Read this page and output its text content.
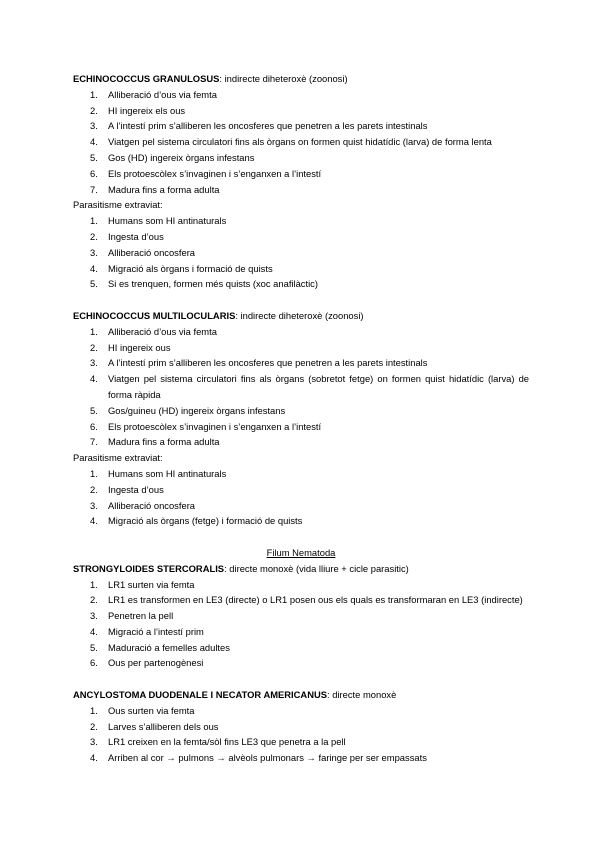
ECHINOCOCCUS GRANULOSUS: indirecte diheteroxè (zoonosi)

1. Alliberació d’ous via femta
2. HI ingereix els ous
3. A l’intestí prim s’alliberen les oncosferes que penetren a les parets intestinals
4. Viatgen pel sistema circulatori fins als òrgans on formen quist hidatídic (larva) de forma lenta
5. Gos (HD) ingereix òrgans infestans
6. Els protoescòlex s’invaginen i s’enganxen a l’intestí
7. Madura fins a forma adulta

Parasitisme extraviat:

1. Humans som HI antinaturals
2. Ingesta d’ous
3. Alliberació oncosfera
4. Migració als òrgans i formació de quists
5. Si es trenquen, formen més quists (xoc anafilàctic)

ECHINOCOCCUS MULTILOCULARIS: indirecte diheteroxè (zoonosi)

1. Alliberació d’ous via femta
2. HI ingereix ous
3. A l’intestí prim s’alliberen les oncosferes que penetren a les parets intestinals
4. Viatgen pel sistema circulatori fins als òrgans (sobretot fetge) on formen quist hidatídic (larva) de forma ràpida
5. Gos/guineu (HD) ingereix òrgans infestans
6. Els protoescòlex s’invaginen i s’enganxen a l’intestí
7. Madura fins a forma adulta

Parasitisme extraviat:

1. Humans som HI antinaturals
2. Ingesta d’ous
3. Alliberació oncosfera
4. Migració als òrgans (fetge) i formació de quists

Filum Nematoda

STRONGYLOIDES STERCORALIS: directe monoxè (vida lliure + cicle parasitic)

1. LR1 surten via femta
2. LR1 es transformen en LE3 (directe) o LR1 posen ous els quals es transformaran en LE3 (indirecte)
3. Penetren la pell
4. Migració a l’intestí prim
5. Maduració a femelles adultes
6. Ous per partenogènesi

ANCYLOSTOMA DUODENALE I NECATOR AMERICANUS: directe monoxè

1. Ous surten via femta
2. Larves s’alliberen dels ous
3. LR1 creixen en la femta/sòl fins LE3 que penetra a la pell
4. Arriben al cor → pulmons → alvèols pulmonars → faringe per ser empassats
